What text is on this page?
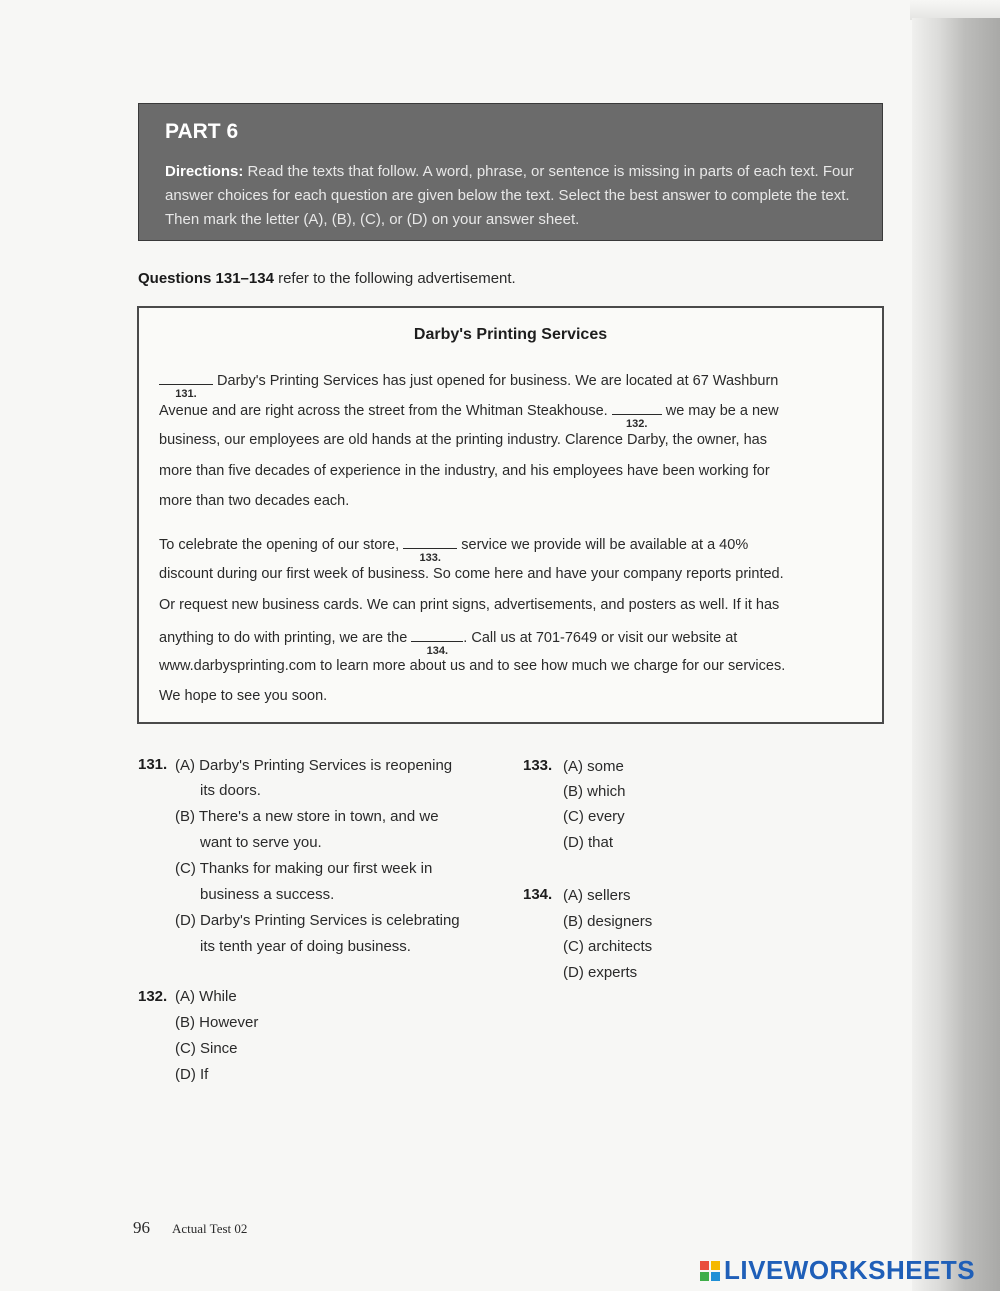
PART 6
Directions: Read the texts that follow. A word, phrase, or sentence is missing in parts of each text. Four answer choices for each question are given below the text. Select the best answer to complete the text. Then mark the letter (A), (B), (C), or (D) on your answer sheet.
Questions 131–134 refer to the following advertisement.
Darby's Printing Services
131.
Darby's Printing Services has just opened for business. We are located at 67 Washburn
Avenue and are right across the street from the Whitman Steakhouse.
132.
we may be a new
business, our employees are old hands at the printing industry. Clarence Darby, the owner, has
more than five decades of experience in the industry, and his employees have been working for
more than two decades each.
To celebrate the opening of our store,
133.
service we provide will be available at a 40%
discount during our first week of business. So come here and have your company reports printed.
Or request new business cards. We can print signs, advertisements, and posters as well. If it has
anything to do with printing, we are the
134.
. Call us at 701-7649 or visit our website at
www.darbysprinting.com to learn more about us and to see how much we charge for our services.
We hope to see you soon.
131. (A) Darby's Printing Services is reopening
its doors.
(B) There's a new store in town, and we
want to serve you.
(C) Thanks for making our first week in
business a success.
(D) Darby's Printing Services is celebrating
its tenth year of doing business.
132. (A) While
(B) However
(C) Since
(D) If
133. (A) some
(B) which
(C) every
(D) that
134. (A) sellers
(B) designers
(C) architects
(D) experts
96 Actual Test 02
LIVEWORKSHEETS
